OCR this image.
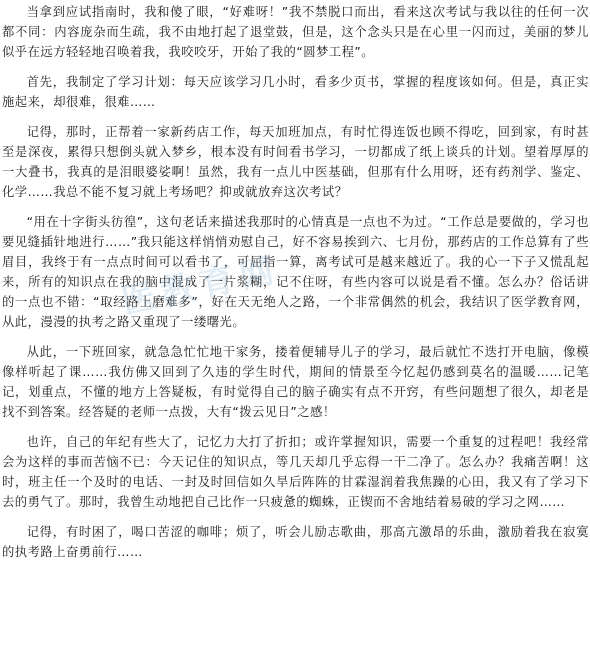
当拿到应试指南时，我和傻了眼，“好难呀！”我不禁脱口而出，看来这次考试与我以往的任何一次都不同：内容庞杂而生疏，我不由地打起了退堂鼓，但是，这个念头只是在心里一闪而过，美丽的梦儿似乎在远方轻轻地召唤着我，我咬咬牙，开始了我的“圆梦工程”。

首先，我制定了学习计划：每天应该学习几小时，看多少页书，掌握的程度该如何。但是，真正实施起来，却很难，很难……

记得，那时，正帮着一家新药店工作，每天加班加点，有时忙得连饭也顾不得吃，回到家，有时甚至是深夜，累得只想倒头就入梦乡，根本没有时间看书学习，一切都成了纸上谈兵的计划。望着厚厚的一大叠书，我真的是泪眼婆娑啊！虽然，我有一点儿中医基础，但那有什么用呀，还有药剂学、鉴定、化学……我总不能不复习就上考场吧？抑或就放弃这次考试？

“用在十字街头彷徨”，这句老话来描述我那时的心情真是一点也不为过。“工作总是要做的，学习也要见缝插针地进行……”我只能这样悄悄劝慰自己，好不容易挨到六、七月份，那药店的工作总算有了些眉目，我终于有一点点时间可以看书了，可屈指一算，离考试可是越来越近了。我的心一下子又慌乱起来，所有的知识点在我的脑中混成了一片浆糊，记不住呀，有些内容可以说是看不懂。怎么办？俗话讲的一点也不错：“取经路上磨难多”，好在天无绝人之路，一个非常偶然的机会，我结识了医学教育网，从此，漫漫的执考之路又重现了一缕曙光。

从此，一下班回家，就急急忙忙地干家务，搂着便辅导儿子的学习，最后就忙不迭打开电脑，像模像样听起了课……我仿佛又回到了久违的学生时代，期间的情景至今忆起仍感到莫名的温暖……记笔记，划重点，不懂的地方上答疑板，有时觉得自己的脑子确实有点不开窍，有些问题想了很久，却老是找不到答案。经答疑的老师一点拨，大有“拨云见日”之感！

也许，自己的年纪有些大了，记忆力大打了折扣；或许掌握知识，需要一个重复的过程吧！我经常会为这样的事而苦恼不已：今天记住的知识点，等几天却几乎忘得一干二净了。怎么办？我痛苦啊！这时，班主任一个及时的电话、一封及时回信如久旱后阵阵的甘霖湿润着我焦躁的心田，我又有了学习下去的勇气了。那时，我曾生动地把自己比作一只疲惫的蜘蛛，正锲而不舍地结着易破的学习之网……

记得，有时困了，喝口苦涩的咖啡；烦了，听会儿励志歌曲，那高亢激昂的乐曲，激励着我在寂寞的执考路上奋勇前行……

医教育网
